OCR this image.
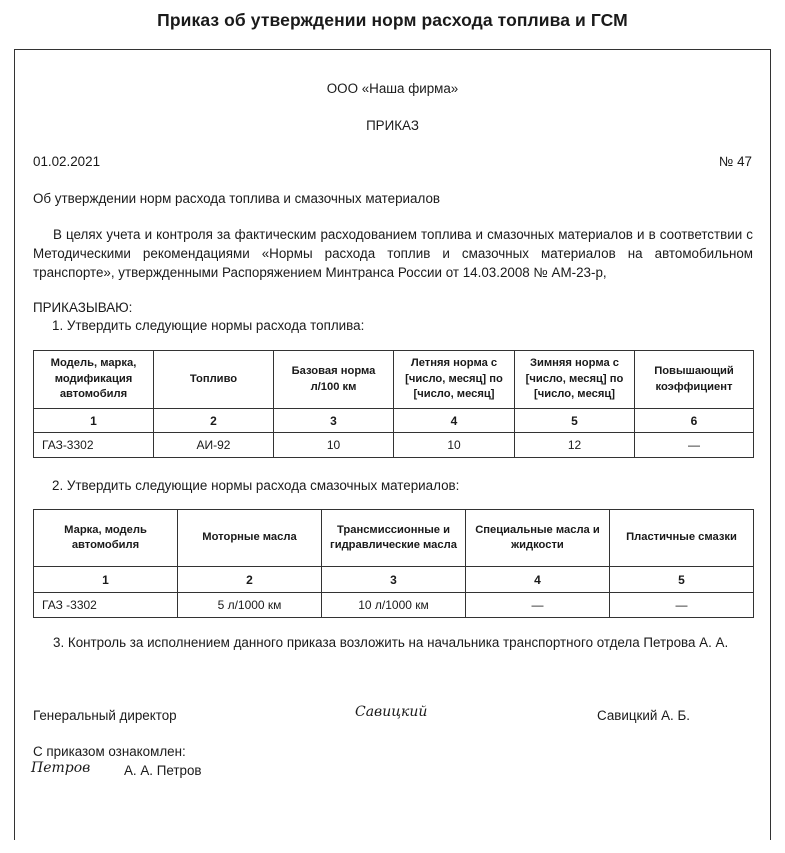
Приказ об утверждении норм расхода топлива и ГСМ
ООО «Наша фирма»
ПРИКАЗ
01.02.2021	№ 47
Об утверждении норм расхода топлива и смазочных материалов
В целях учета и контроля за фактическим расходованием топлива и смазочных материалов и в соответствии с Методическими рекомендациями «Нормы расхода топлив и смазочных материалов на автомобильном транспорте», утвержденными Распоряжением Минтранса России от 14.03.2008 № АМ-23-р,
ПРИКАЗЫВАЮ:
1. Утвердить следующие нормы расхода топлива:
Модель, марка, модификация автомобиля	Топливо	Базовая норма л/100 км	Летняя норма с [число, месяц] по [число, месяц]	Зимняя норма с [число, месяц] по [число, месяц]	Повышающий коэффициент
1	2	3	4	5	6
ГАЗ-3302	АИ-92	10	10	12	—
2. Утвердить следующие нормы расхода смазочных материалов:
Марка, модель автомобиля	Моторные масла	Трансмиссионные и гидравлические масла	Специальные масла и жидкости	Пластичные смазки
1	2	3	4	5
ГАЗ -3302	5 л/1000 км	10 л/1000 км	—	—
3. Контроль за исполнением данного приказа возложить на начальника транспортного отдела Петрова А. А.
Генеральный директор	Савицкий	Савицкий А. Б.
С приказом ознакомлен:
Петров	А. А. Петров
